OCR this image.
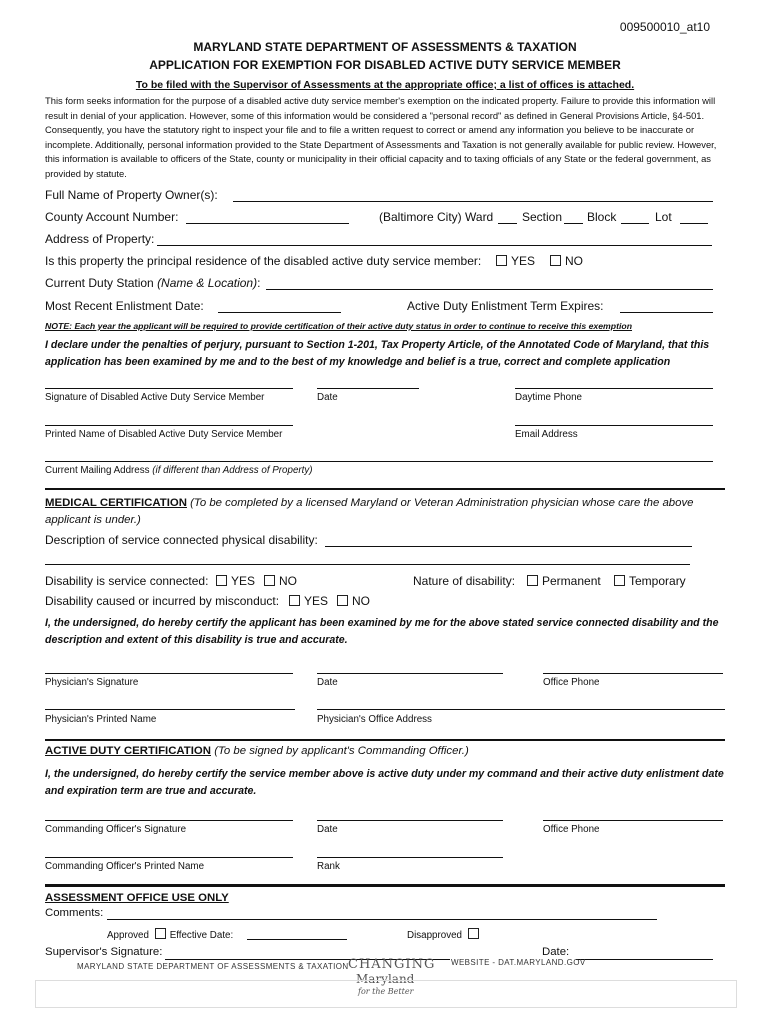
009500010_at10
MARYLAND STATE DEPARTMENT OF ASSESSMENTS & TAXATION
APPLICATION FOR EXEMPTION FOR DISABLED ACTIVE DUTY SERVICE MEMBER
To be filed with the Supervisor of Assessments at the appropriate office; a list of offices is attached.
This form seeks information for the purpose of a disabled active duty service member's exemption on the indicated property. Failure to provide this information will result in denial of your application. However, some of this information would be considered a "personal record" as defined in General Provisions Article, §4-501. Consequently, you have the statutory right to inspect your file and to file a written request to correct or amend any information you believe to be inaccurate or incomplete. Additionally, personal information provided to the State Department of Assessments and Taxation is not generally available for public review. However, this information is available to officers of the State, county or municipality in their official capacity and to taxing officials of any State or the federal government, as provided by statute.
Full Name of Property Owner(s):
County Account Number:	(Baltimore City) Ward Section Block	Lot
Address of Property:
Is this property the principal residence of the disabled active duty service member:	YES	NO
Current Duty Station (Name & Location):
Most Recent Enlistment Date:	Active Duty Enlistment Term Expires:
NOTE: Each year the applicant will be required to provide certification of their active duty status in order to continue to receive this exemption
I declare under the penalties of perjury, pursuant to Section 1-201, Tax Property Article, of the Annotated Code of Maryland, that this application has been examined by me and to the best of my knowledge and belief is a true, correct and complete application
Signature of Disabled Active Duty Service Member	Date	Daytime Phone
Printed Name of Disabled Active Duty Service Member	Email Address
Current Mailing Address (if different than Address of Property)
MEDICAL CERTIFICATION (To be completed by a licensed Maryland or Veteran Administration physician whose care the above applicant is under.)
Description of service connected physical disability:
Disability is service connected:	YES	NO	Nature of disability:	Permanent	Temporary
Disability caused or incurred by misconduct:	YES	NO
I, the undersigned, do hereby certify the applicant has been examined by me for the above stated service connected disability and the description and extent of this disability is true and accurate.
Physician's Signature	Date	Office Phone
Physician's Printed Name	Physician's Office Address
ACTIVE DUTY CERTIFICATION (To be signed by applicant's Commanding Officer.)
I, the undersigned, do hereby certify the service member above is active duty under my command and their active duty enlistment date and expiration term are true and accurate.
Commanding Officer's Signature	Date	Office Phone
Commanding Officer's Printed Name	Rank
ASSESSMENT OFFICE USE ONLY
Comments:
Approved Effective Date:	Disapproved
Supervisor's Signature:	Date:
MARYLAND STATE DEPARTMENT OF ASSESSMENTS & TAXATION CHANGING
Maryland
for the Better
WEBSITE - DAT.MARYLAND.GOV
